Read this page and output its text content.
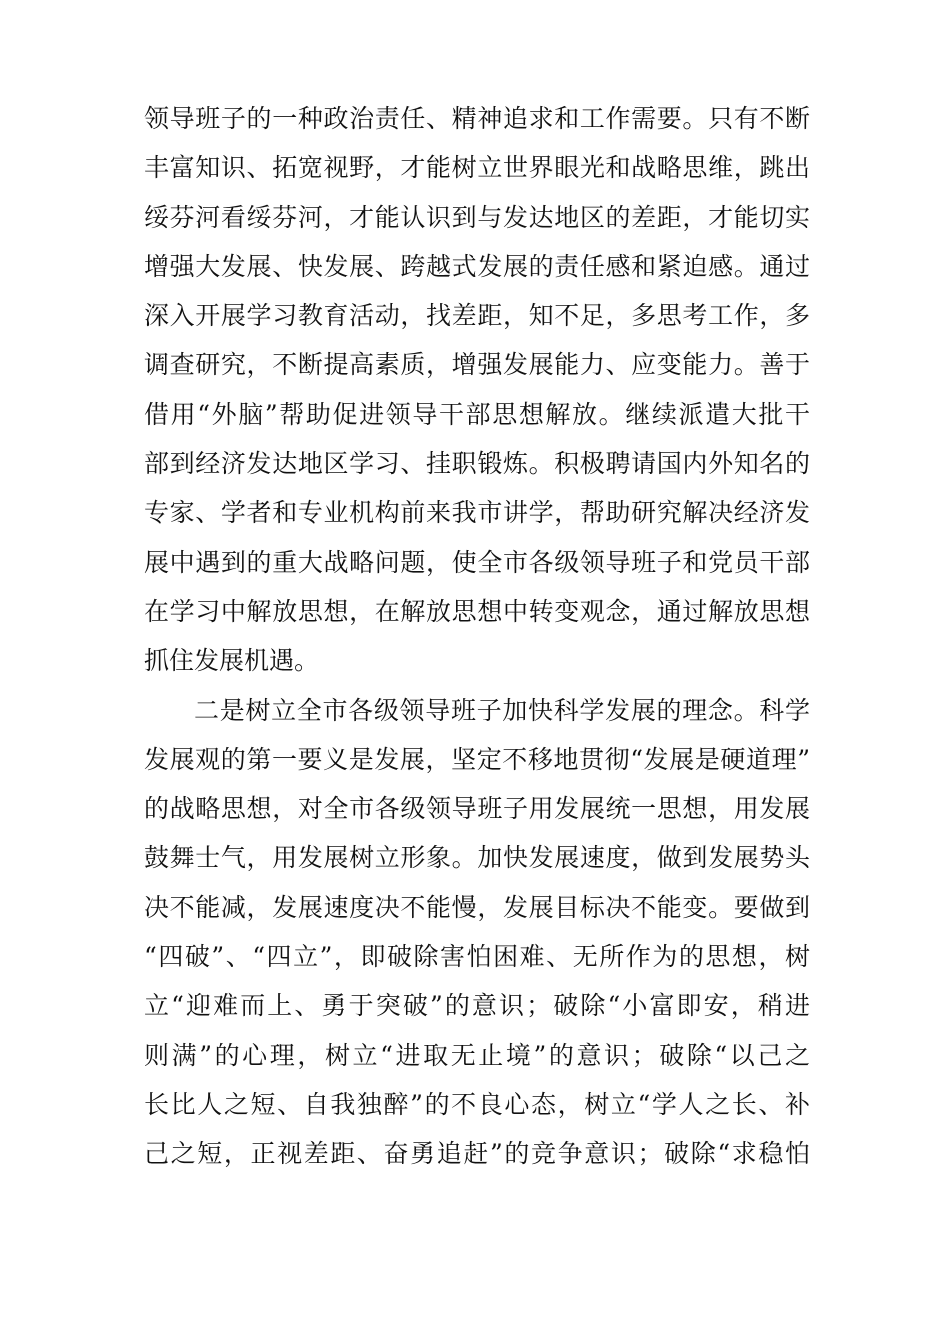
领导班子的一种政治责任、精神追求和工作需要。只有不断
丰富知识、拓宽视野，才能树立世界眼光和战略思维，跳出
绥芬河看绥芬河，才能认识到与发达地区的差距，才能切实
增强大发展、快发展、跨越式发展的责任感和紧迫感。通过
深入开展学习教育活动，找差距，知不足，多思考工作，多
调查研究，不断提高素质，增强发展能力、应变能力。善于
借用“外脑”帮助促进领导干部思想解放。继续派遣大批干
部到经济发达地区学习、挂职锻炼。积极聘请国内外知名的
专家、学者和专业机构前来我市讲学，帮助研究解决经济发
展中遇到的重大战略问题，使全市各级领导班子和党员干部
在学习中解放思想，在解放思想中转变观念，通过解放思想
抓住发展机遇。
二是树立全市各级领导班子加快科学发展的理念。科学
发展观的第一要义是发展，坚定不移地贯彻“发展是硬道理”
的战略思想，对全市各级领导班子用发展统一思想，用发展
鼓舞士气，用发展树立形象。加快发展速度，做到发展势头
决不能减，发展速度决不能慢，发展目标决不能变。要做到
“四破”、“四立”，即破除害怕困难、无所作为的思想，树
立“迎难而上、勇于突破”的意识；破除“小富即安，稍进
则满”的心理，树立“进取无止境”的意识；破除“以己之
长比人之短、自我独醉”的不良心态，树立“学人之长、补
己之短，正视差距、奋勇追赶”的竞争意识；破除“求稳怕
